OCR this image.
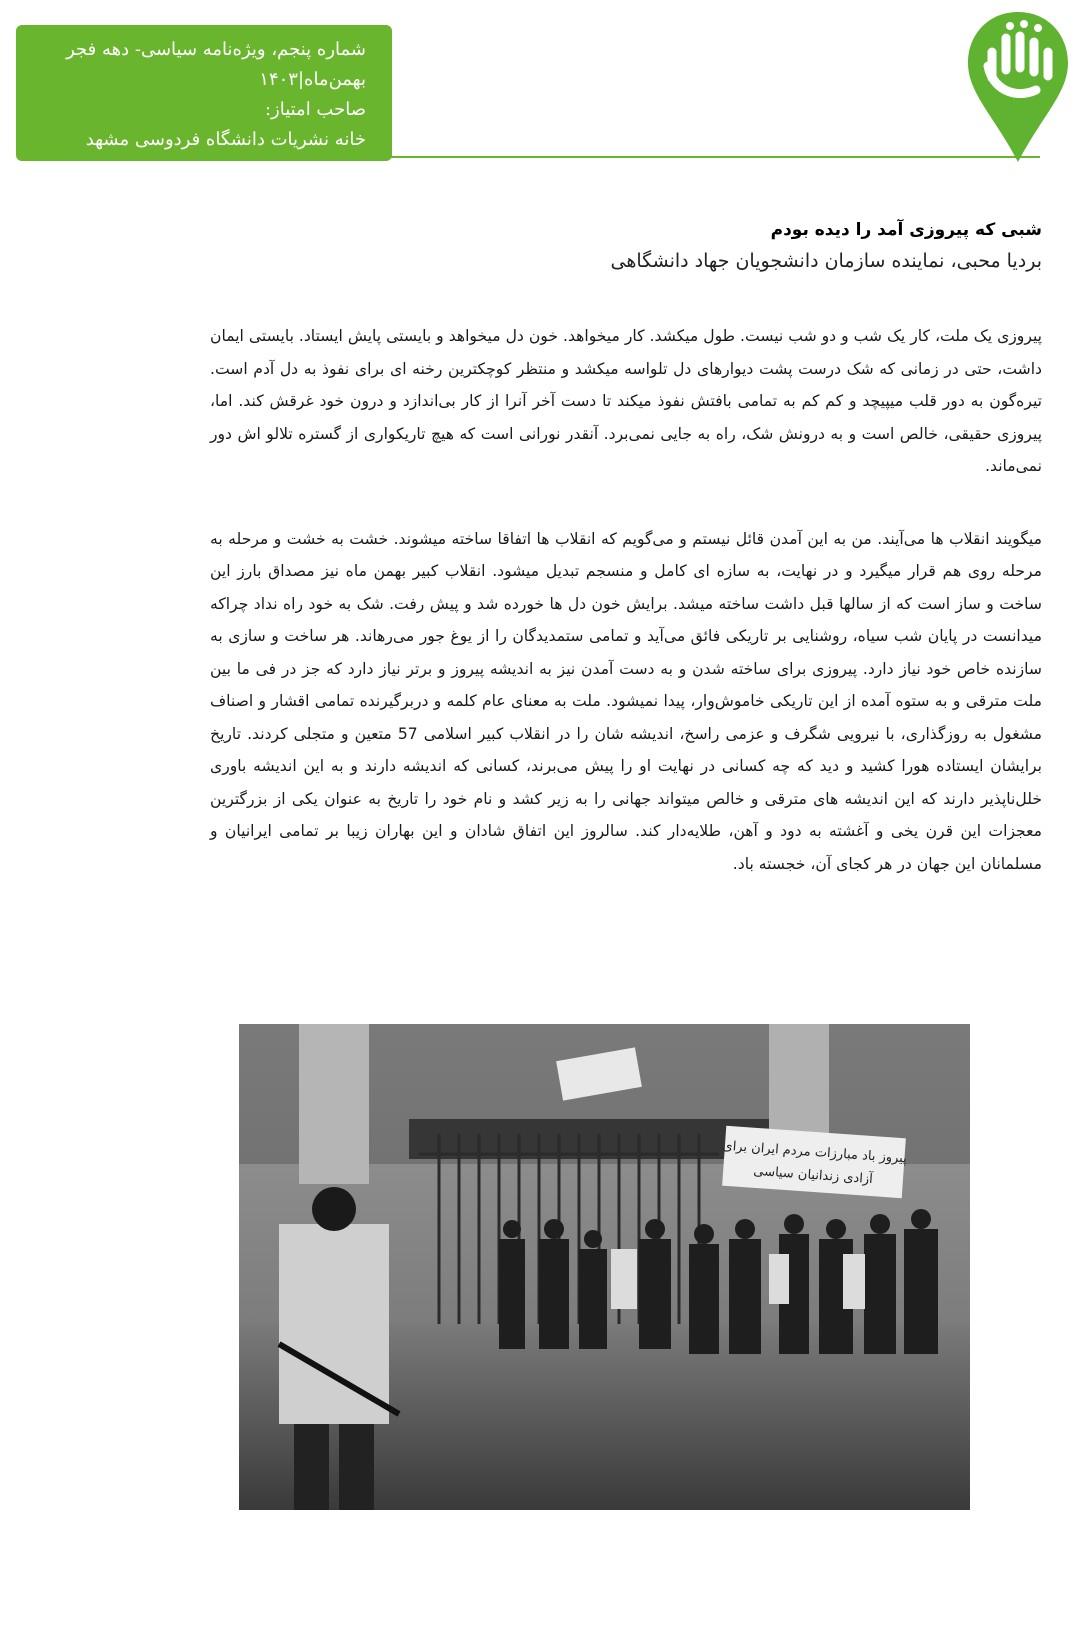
شماره پنجم، ویژه‌نامه سیاسی- دهه فجر
بهمن‌ماه|۱۴۰۳
صاحب امتیاز:
خانه نشریات دانشگاه فردوسی مشهد
شبی که پیروزی آمد را دیده بودم

بردیا محبی، نماینده سازمان دانشجویان جهاد دانشگاهی

پیروزی یک ملت، کار یک شب و دو شب نیست. طول میکشد. کار میخواهد. خون دل میخواهد و بایستی پایش ایستاد. بایستی ایمان داشت، حتی در زمانی که شک درست پشت دیوارهای دل تلواسه میکشد و منتظر کوچکترین رخنه ای برای نفوذ به دل آدم است. تیره‌گون به دور قلب میپیچد و کم کم به تمامی بافتش نفوذ میکند تا دست آخر آنرا از کار بی‌اندازد و درون خود غرقش کند. اما، پیروزی حقیقی، خالص است و به درونش شک، راه به جایی نمی‌برد. آنقدر نورانی است که هیچ تاریکواری از گستره تلالو اش دور نمی‌ماند.

میگویند انقلاب ها می‌آیند. من به این آمدن قائل نیستم و می‌گویم که انقلاب ها اتفاقا ساخته میشوند. خشت به خشت و مرحله به مرحله روی هم قرار میگیرد و در نهایت، به سازه ای کامل و منسجم تبدیل میشود. انقلاب کبیر بهمن ماه نیز مصداق بارز این ساخت و ساز است که از سالها قبل داشت ساخته میشد. برایش خون دل ها خورده شد و پیش رفت. شک به خود راه نداد چراکه میدانست در پایان شب سیاه، روشنایی بر تاریکی فائق می‌آید و تمامی ستمدیدگان را از یوغ جور می‌رهاند. هر ساخت و سازی به سازنده خاص خود نیاز دارد. پیروزی برای ساخته شدن و به دست آمدن نیز به اندیشه پیروز و برتر نیاز دارد که جز در فی ما بین ملت مترقی و به ستوه آمده از این تاریکی خاموش‌وار، پیدا نمیشود. ملت به معنای عام کلمه و دربرگیرنده تمامی اقشار و اصناف مشغول به روزگذاری، با نیرویی شگرف و عزمی راسخ، اندیشه شان را در انقلاب کبیر اسلامی 57 متعین و متجلی کردند. تاریخ برایشان ایستاده هورا کشید و دید که چه کسانی در نهایت او را پیش می‌برند، کسانی که اندیشه دارند و به این اندیشه باوری خلل‌ناپذیر دارند که این اندیشه های مترقی و خالص میتواند جهانی را به زیر کشد و نام خود را تاریخ به عنوان یکی از بزرگترین معجزات این قرن یخی و آغشته به دود و آهن، طلایه‌دار کند. سالروز این اتفاق شادان و این بهاران زیبا بر تمامی ایرانیان و مسلمانان این جهان در هر کجای آن، خجسته باد.

پیروز باد مبارزات مردم ایران برای
آزادی زندانیان سیاسی
